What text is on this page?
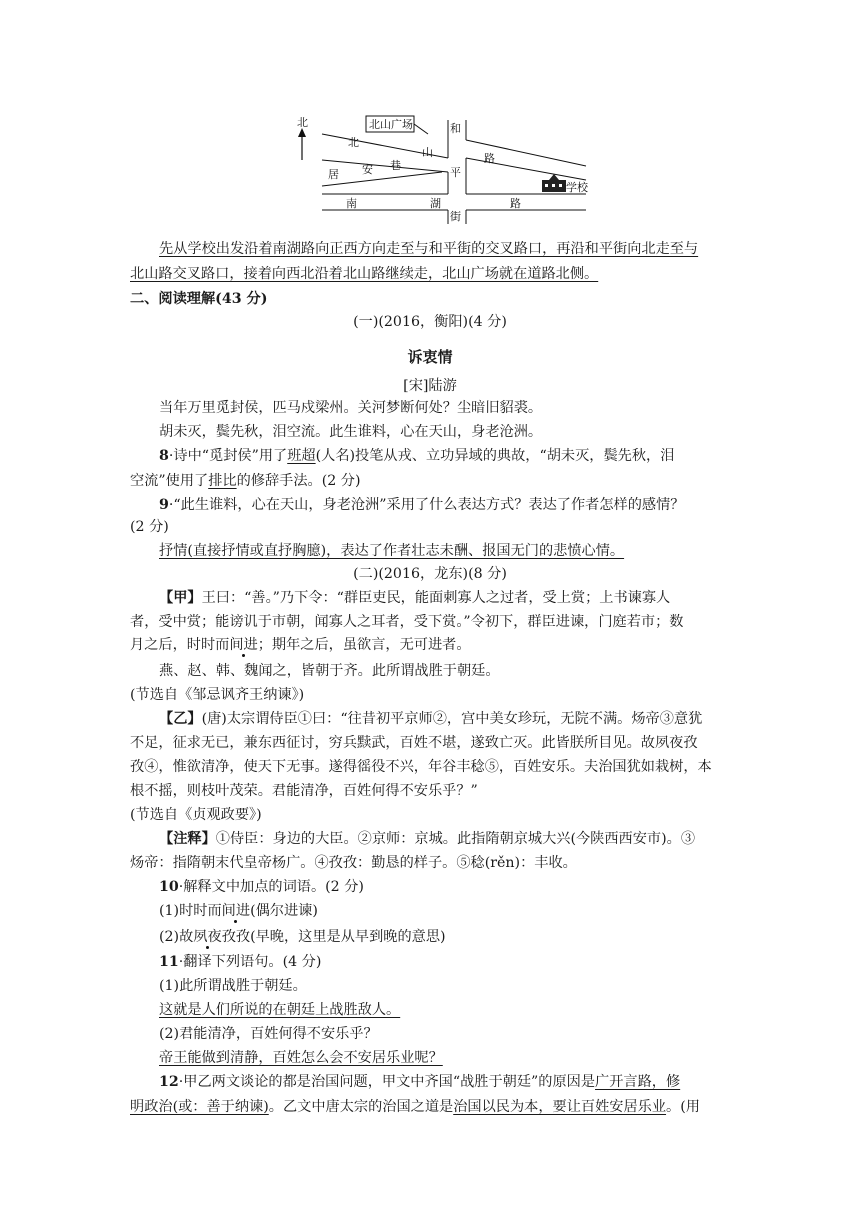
北	北山广场
北
山
居 安 巷
和
平
街
路
南	湖	路
学校
先从学校出发沿着南湖路向正西方向走至与和平街的交叉路口，再沿和平街向北走至与
北山路交叉路口，接着向西北沿着北山路继续走，北山广场就在道路北侧。
二、阅读理解(43 分)
(一)(2016，衡阳)(4 分)
诉衷情
[宋]陆游
当年万里觅封侯，匹马戍梁州。关河梦断何处？尘暗旧貂裘。
胡未灭，鬓先秋，泪空流。此生谁料，心在天山，身老沧洲。
8·诗中“觅封侯”用了班超(人名)投笔从戎、立功异域的典故，“胡未灭，鬓先秋，泪
空流”使用了排比的修辞手法。(2 分)
9·“此生谁料，心在天山，身老沧洲”采用了什么表达方式？表达了作者怎样的感情？
(2 分)
抒情(直接抒情或直抒胸臆)，表达了作者壮志未酬、报国无门的悲愤心情。
(二)(2016，龙东)(8 分)
【甲】王曰：“善。”乃下令：“群臣吏民，能面刺寡人之过者，受上赏；上书谏寡人
者，受中赏；能谤讥于市朝，闻寡人之耳者，受下赏。”令初下，群臣进谏，门庭若市；数
月之后，时时而间进；期年之后，虽欲言，无可进者。
燕、赵、韩、魏闻之，皆朝于齐。此所谓战胜于朝廷。
(节选自《邹忌讽齐王纳谏》)
【乙】(唐)太宗谓侍臣①曰：“往昔初平京师②，宫中美女珍玩，无院不满。炀帝③意犹
不足，征求无已，兼东西征讨，穷兵黩武，百姓不堪，遂致亡灭。此皆朕所目见。故夙夜孜
孜④，惟欲清净，使天下无事。遂得徭役不兴，年谷丰稔⑤，百姓安乐。夫治国犹如栽树，本
根不摇，则枝叶茂荣。君能清净，百姓何得不安乐乎？”
(节选自《贞观政要》)
【注释】①侍臣：身边的大臣。②京师：京城。此指隋朝京城大兴(今陕西西安市)。③
炀帝：指隋朝末代皇帝杨广。④孜孜：勤恳的样子。⑤稔(rěn)：丰收。
10·解释文中加点的词语。(2 分)
(1)时时而间进(偶尔进谏)
(2)故夙夜孜孜(早晚，这里是从早到晚的意思)
11·翻译下列语句。(4 分)
(1)此所谓战胜于朝廷。
这就是人们所说的在朝廷上战胜敌人。
(2)君能清净，百姓何得不安乐乎？
帝王能做到清静，百姓怎么会不安居乐业呢？
12·甲乙两文谈论的都是治国问题，甲文中齐国“战胜于朝廷”的原因是广开言路，修
明政治(或：善于纳谏)。乙文中唐太宗的治国之道是治国以民为本，要让百姓安居乐业。(用
